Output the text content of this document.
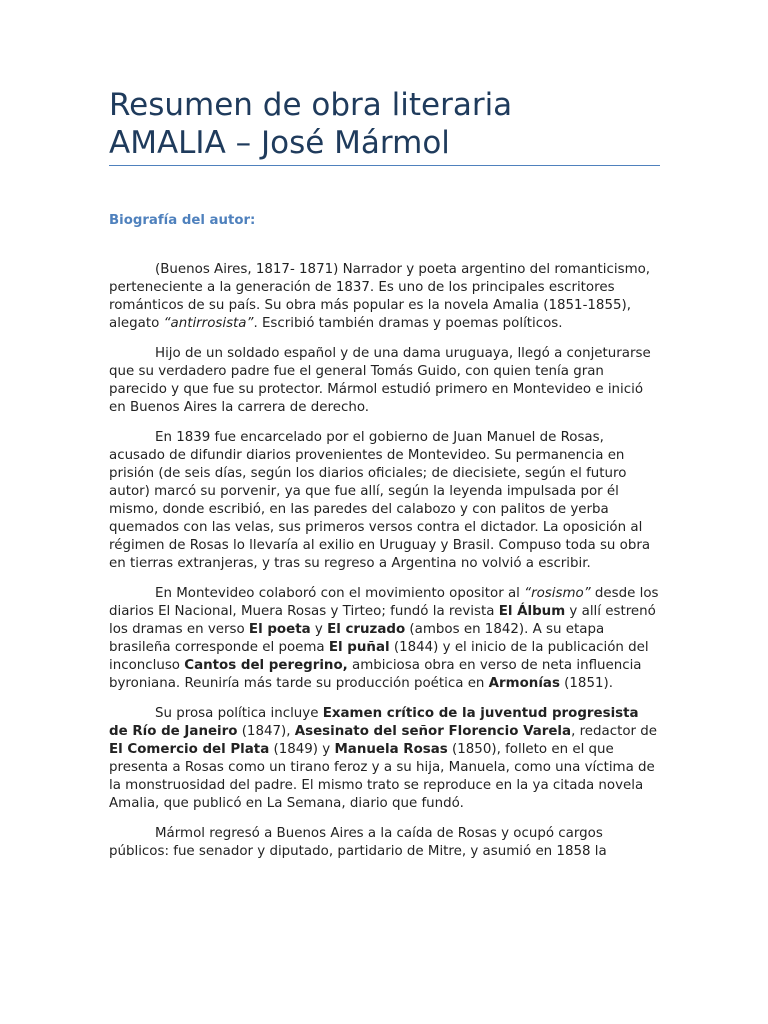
Resumen de obra literaria
AMALIA – José Mármol
Biografía del autor:

(Buenos Aires, 1817- 1871) Narrador y poeta argentino del romanticismo, perteneciente a la generación de 1837. Es uno de los principales escritores románticos de su país. Su obra más popular es la novela Amalia (1851-1855), alegato “antirrosista”. Escribió también dramas y poemas políticos.

Hijo de un soldado español y de una dama uruguaya, llegó a conjeturarse que su verdadero padre fue el general Tomás Guido, con quien tenía gran parecido y que fue su protector. Mármol estudió primero en Montevideo e inició en Buenos Aires la carrera de derecho.

En 1839 fue encarcelado por el gobierno de Juan Manuel de Rosas, acusado de difundir diarios provenientes de Montevideo. Su permanencia en prisión (de seis días, según los diarios oficiales; de diecisiete, según el futuro autor) marcó su porvenir, ya que fue allí, según la leyenda impulsada por él mismo, donde escribió, en las paredes del calabozo y con palitos de yerba quemados con las velas, sus primeros versos contra el dictador. La oposición al régimen de Rosas lo llevaría al exilio en Uruguay y Brasil. Compuso toda su obra en tierras extranjeras, y tras su regreso a Argentina no volvió a escribir.

En Montevideo colaboró con el movimiento opositor al “rosismo” desde los diarios El Nacional, Muera Rosas y Tirteo; fundó la revista El Álbum y allí estrenó los dramas en verso El poeta y El cruzado (ambos en 1842). A su etapa brasileña corresponde el poema El puñal (1844) y el inicio de la publicación del inconcluso Cantos del peregrino, ambiciosa obra en verso de neta influencia byroniana. Reuniría más tarde su producción poética en Armonías (1851).

Su prosa política incluye Examen crítico de la juventud progresista de Río de Janeiro (1847), Asesinato del señor Florencio Varela, redactor de El Comercio del Plata (1849) y Manuela Rosas (1850), folleto en el que presenta a Rosas como un tirano feroz y a su hija, Manuela, como una víctima de la monstruosidad del padre. El mismo trato se reproduce en la ya citada novela Amalia, que publicó en La Semana, diario que fundó.

Mármol regresó a Buenos Aires a la caída de Rosas y ocupó cargos públicos: fue senador y diputado, partidario de Mitre, y asumió en 1858 la
